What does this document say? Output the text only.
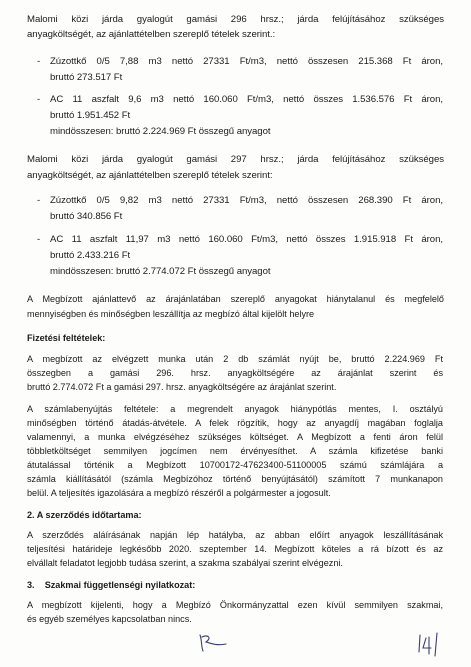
Malomi közi járda gyalogút gamási 296 hrsz.; járda felújításához szükséges
anyagköltségét, az ajánlattételben szereplő tételek szerint.:
- Zúzottkő 0/5 7,88 m3 nettó 27331 Ft/m3, nettó összesen 215.368 Ft áron,
bruttó 273.517 Ft
- AC 11 aszfalt 9,6 m3 nettó 160.060 Ft/m3, nettó összes 1.536.576 Ft áron,
bruttó 1.951.452 Ft
mindösszesen: bruttó 2.224.969 Ft összegű anyagot
Malomi közi járda gyalogút gamási 297 hrsz.; járda felújításához szükséges
anyagköltségét, az ajánlattételben szereplő tételek szerint:
- Zúzottkő 0/5 9,82 m3 nettó 27331 Ft/m3, nettó összesen 268.390 Ft áron,
bruttó 340.856 Ft
- AC 11 aszfalt 11,97 m3 nettó 160.060 Ft/m3, nettó összes 1.915.918 Ft áron,
bruttó 2.433.216 Ft
mindösszesen: bruttó 2.774.072 Ft összegű anyagot
A Megbízott ajánlattevő az árajánlatában szereplő anyagokat hiánytalanul és megfelelő
mennyiségben és minőségben leszállítja az megbízó által kijelölt helyre
Fizetési feltételek:
A megbízott az elvégzett munka után 2 db számlát nyújt be, bruttó 2.224.969 Ft
összegben a gamási 296. hrsz. anyagköltségére az árajánlat szerint és
bruttó 2.774.072 Ft a gamási 297. hrsz. anyagköltségére az árajánlat szerint.
A számlabenyújtás feltétele: a megrendelt anyagok hiánypótlás mentes, I. osztályú
minőségben történő átadás-átvétele. A felek rögzítik, hogy az anyagdíj magában foglalja
valamennyi, a munka elvégzéséhez szükséges költséget. A Megbízott a fenti áron felül
többletköltséget semmilyen jogcímen nem érvényesíthet. A számla kifizetése banki
átutalással történik a Megbízott 10700172-47623400-51100005 számú számlájára a
számla kiállításától (számla Megbízóhoz történő benyújtásától) számított 7 munkanapon
belül. A teljesítés igazolására a megbízó részéről a polgármester a jogosult.
2. A szerződés időtartama:
A szerződés aláírásának napján lép hatályba, az abban előírt anyagok leszállításának
teljesítési határideje legkésőbb 2020. szeptember 14. Megbízott köteles a rá bízott és az
elvállalt feladatot legjobb tudása szerint, a szakma szabályai szerint elvégezni.
3.    Szakmai függetlenségi nyilatkozat:
A megbízott kijelenti, hogy a Megbízó Önkormányzattal ezen kívül semmilyen szakmai,
és egyéb személyes kapcsolatban nincs.
